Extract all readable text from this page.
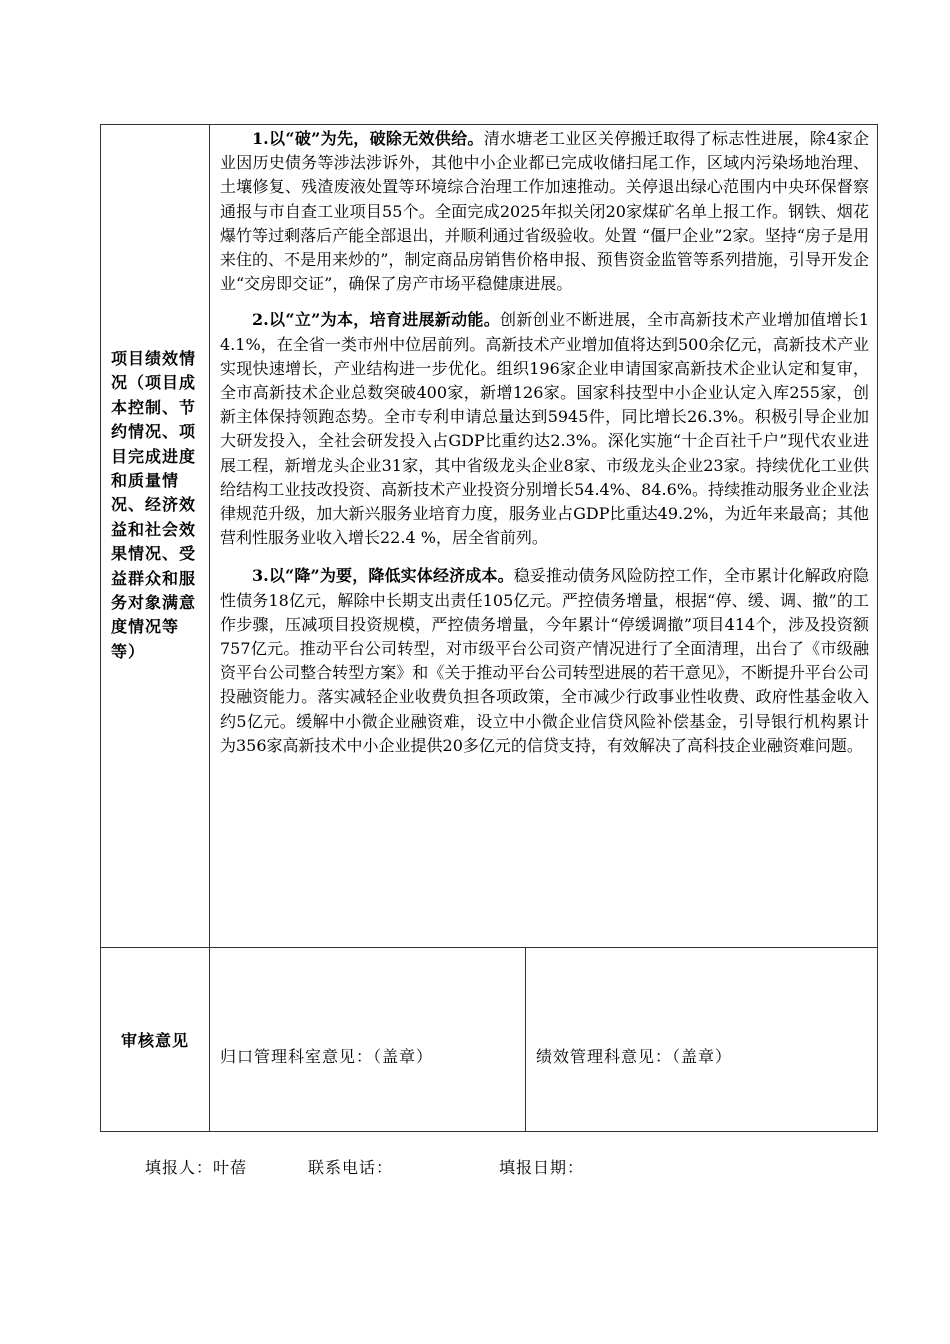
项目绩效情况（项目成本控制、节约情况、项目完成进度和质量情况、经济效益和社会效果情况、受益群众和服务对象满意度情况等等）	1.以“破”为先，破除无效供给。清水塘老工业区关停搬迁取得了标志性进展，除4家企业因历史债务等涉法涉诉外，其他中小企业都已完成收储扫尾工作，区域内污染场地治理、土壤修复、残渣废液处置等环境综合治理工作加速推动。关停退出绿心范围内中央环保督察通报与市自查工业项目55个。全面完成2025年拟关闭20家煤矿名单上报工作。钢铁、烟花爆竹等过剩落后产能全部退出，并顺利通过省级验收。处置 “僵尸企业”2家。坚持“房子是用来住的、不是用来炒的”，制定商品房销售价格申报、预售资金监管等系列措施，引导开发企业“交房即交证”，确保了房产市场平稳健康进展。

2.以“立”为本，培育进展新动能。创新创业不断进展，全市高新技术产业增加值增长14.1%，在全省一类市州中位居前列。高新技术产业增加值将达到500余亿元，高新技术产业实现快速增长，产业结构进一步优化。组织196家企业申请国家高新技术企业认定和复审，全市高新技术企业总数突破400家，新增126家。国家科技型中小企业认定入库255家，创新主体保持领跑态势。全市专利申请总量达到5945件，同比增长26.3%。积极引导企业加大研发投入，全社会研发投入占GDP比重约达2.3%。深化实施“十企百社千户”现代农业进展工程，新增龙头企业31家，其中省级龙头企业8家、市级龙头企业23家。持续优化工业供给结构工业技改投资、高新技术产业投资分别增长54.4%、84.6%。持续推动服务业企业法律规范升级，加大新兴服务业培育力度，服务业占GDP比重达49.2%，为近年来最高；其他营利性服务业收入增长22.4 %，居全省前列。

3.以“降”为要，降低实体经济成本。稳妥推动债务风险防控工作，全市累计化解政府隐性债务18亿元，解除中长期支出责任105亿元。严控债务增量，根据“停、缓、调、撤”的工作步骤，压减项目投资规模，严控债务增量，今年累计“停缓调撤”项目414个，涉及投资额757亿元。推动平台公司转型，对市级平台公司资产情况进行了全面清理，出台了《市级融资平台公司整合转型方案》和《关于推动平台公司转型进展的若干意见》，不断提升平台公司投融资能力。落实减轻企业收费负担各项政策，全市减少行政事业性收费、政府性基金收入约5亿元。缓解中小微企业融资难，设立中小微企业信贷风险补偿基金，引导银行机构累计为356家高新技术中小企业提供20多亿元的信贷支持，有效解决了高科技企业融资难问题。	

审核意见	归口管理科室意见：（盖章）	绩效管理科意见：（盖章）
填报人：叶蓓	联系电话：	填报日期：
